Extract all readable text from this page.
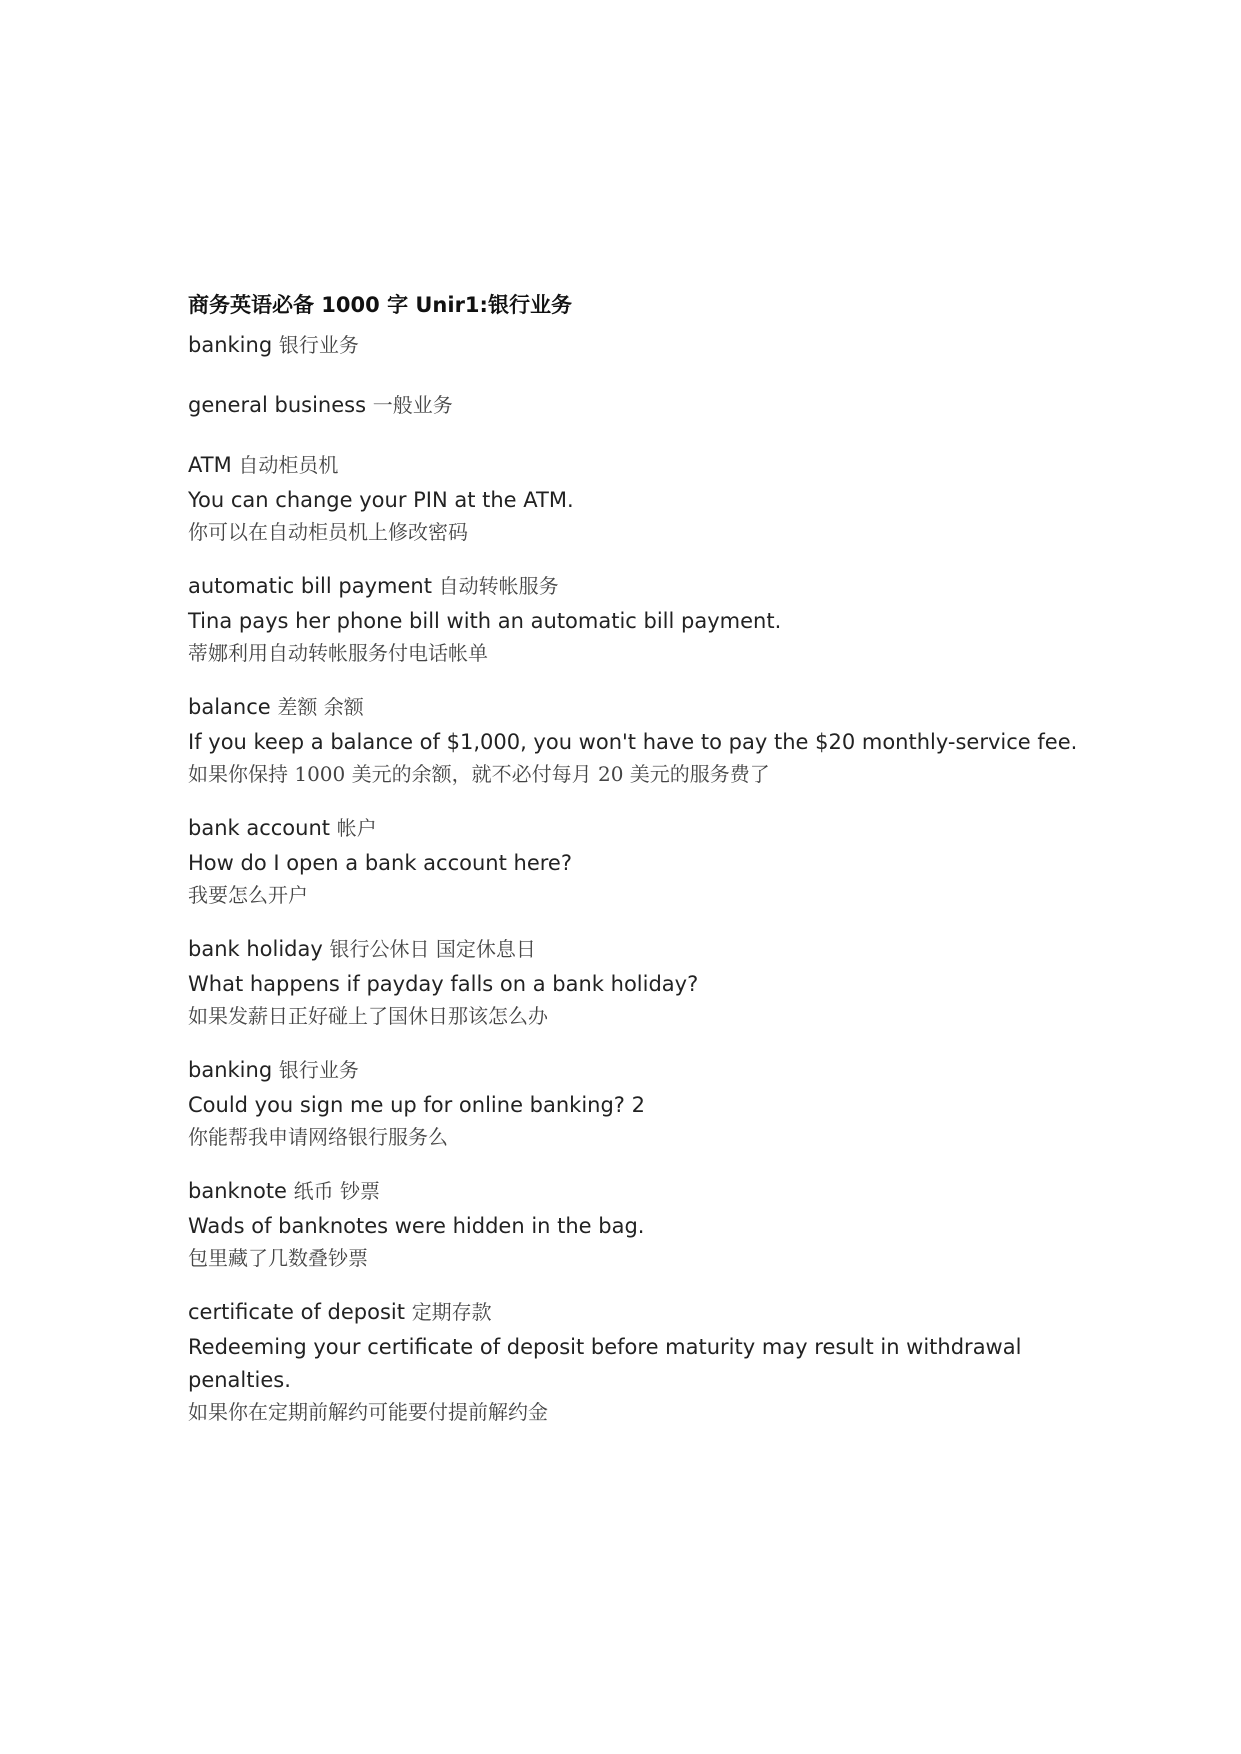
商务英语必备 1000 字 Unir1:银行业务
banking 银行业务
general business 一般业务
ATM 自动柜员机

You can change your PIN at the ATM.

你可以在自动柜员机上修改密码

automatic bill payment 自动转帐服务

Tina pays her phone bill with an automatic bill payment.

蒂娜利用自动转帐服务付电话帐单

balance 差额 余额

If you keep a balance of $1,000, you won't have to pay the $20 monthly-service fee.

如果你保持 1000 美元的余额，就不必付每月 20 美元的服务费了

bank account 帐户

How do I open a bank account here?

我要怎么开户

bank holiday 银行公休日 国定休息日

What happens if payday falls on a bank holiday?

如果发薪日正好碰上了国休日那该怎么办

banking 银行业务

Could you sign me up for online banking? 2

你能帮我申请网络银行服务么

banknote 纸币 钞票

Wads of banknotes were hidden in the bag.

包里藏了几数叠钞票

certificate of deposit 定期存款

Redeeming your certificate of deposit before maturity may result in withdrawal penalties.

如果你在定期前解约可能要付提前解约金
